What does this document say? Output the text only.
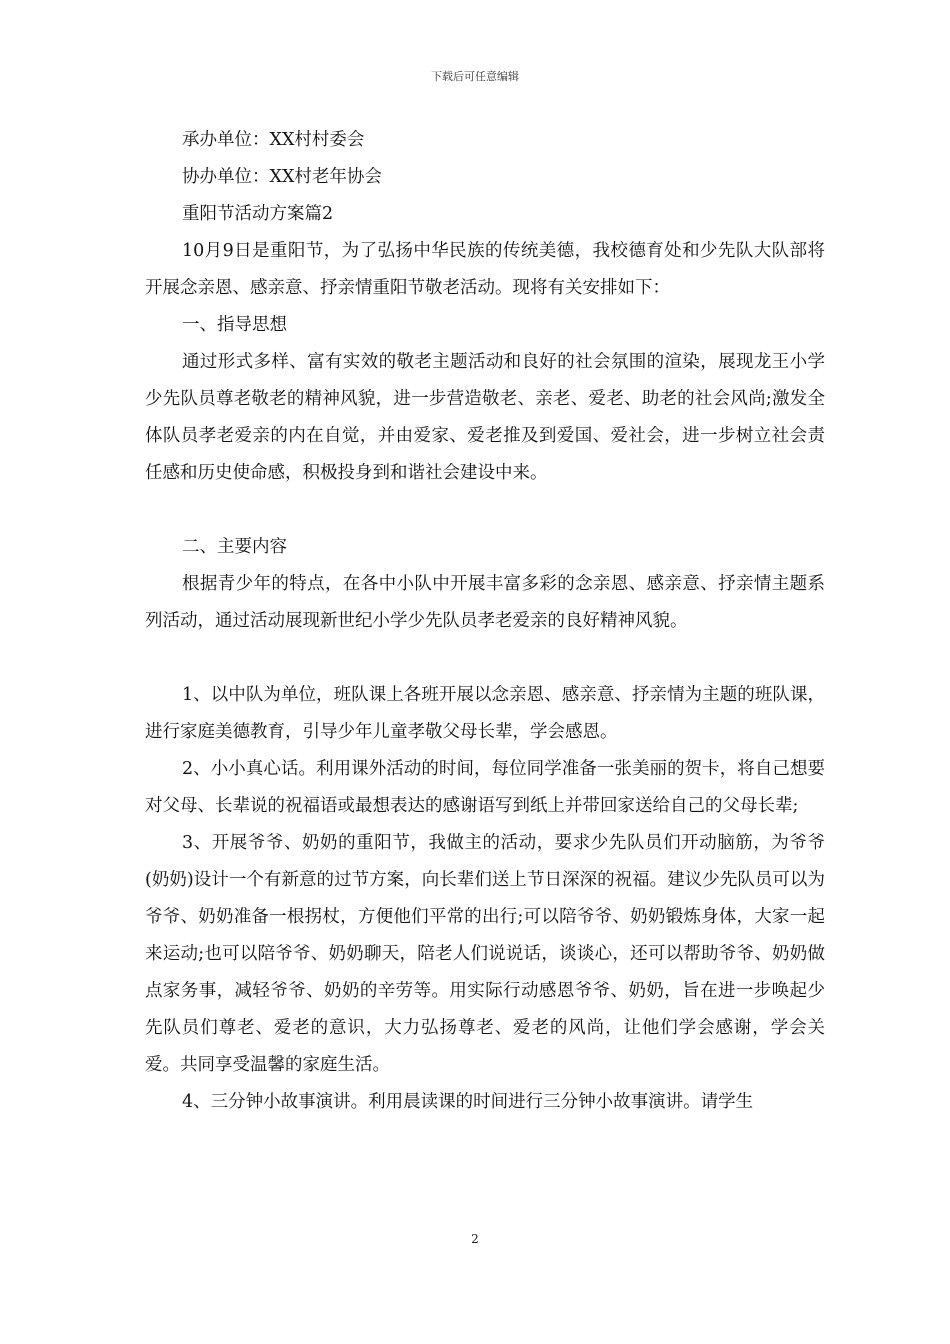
下载后可任意编辑

承办单位：XX村村委会

协办单位：XX村老年协会

重阳节活动方案篇2

10月9日是重阳节，为了弘扬中华民族的传统美德，我校德育处和少先队大队部将开展念亲恩、感亲意、抒亲情重阳节敬老活动。现将有关安排如下：

一、指导思想

通过形式多样、富有实效的敬老主题活动和良好的社会氛围的渲染，展现龙王小学少先队员尊老敬老的精神风貌，进一步营造敬老、亲老、爱老、助老的社会风尚;激发全体队员孝老爱亲的内在自觉，并由爱家、爱老推及到爱国、爱社会，进一步树立社会责任感和历史使命感，积极投身到和谐社会建设中来。

二、主要内容

根据青少年的特点，在各中小队中开展丰富多彩的念亲恩、感亲意、抒亲情主题系列活动，通过活动展现新世纪小学少先队员孝老爱亲的良好精神风貌。

1、以中队为单位，班队课上各班开展以念亲恩、感亲意、抒亲情为主题的班队课，进行家庭美德教育，引导少年儿童孝敬父母长辈，学会感恩。

2、小小真心话。利用课外活动的时间，每位同学准备一张美丽的贺卡，将自己想要对父母、长辈说的祝福语或最想表达的感谢语写到纸上并带回家送给自己的父母长辈;

3、开展爷爷、奶奶的重阳节，我做主的活动，要求少先队员们开动脑筋，为爷爷(奶奶)设计一个有新意的过节方案，向长辈们送上节日深深的祝福。建议少先队员可以为爷爷、奶奶准备一根拐杖，方便他们平常的出行;可以陪爷爷、奶奶锻炼身体，大家一起来运动;也可以陪爷爷、奶奶聊天，陪老人们说说话，谈谈心，还可以帮助爷爷、奶奶做点家务事，减轻爷爷、奶奶的辛劳等。用实际行动感恩爷爷、奶奶，旨在进一步唤起少先队员们尊老、爱老的意识，大力弘扬尊老、爱老的风尚，让他们学会感谢，学会关爱。共同享受温馨的家庭生活。

4、三分钟小故事演讲。利用晨读课的时间进行三分钟小故事演讲。请学生

2
